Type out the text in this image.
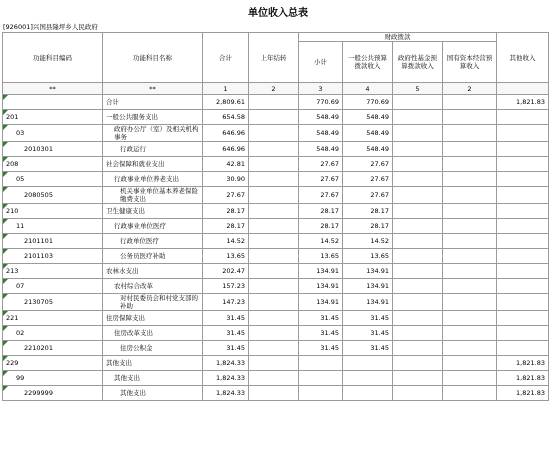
单位收入总表
[926001]兴国县隆坪乡人民政府
功能科目编码	功能科目名称	合计	上年结转	财政拨款				其他收入
				小计	一般公共预算拨款收入	政府性基金预算拨款收入	国有资本经营预算收入	
**	**	1	2	3	4	5	2	
	合计	2,809.61		770.69	770.69			1,821.83
201	一般公共服务支出	654.58		548.49	548.49			
03	政府办公厅（室）及相关机构事务	646.96		548.49	548.49			
2010301	行政运行	646.96		548.49	548.49			
208	社会保障和就业支出	42.81		27.67	27.67			
05	行政事业单位养老支出	30.90		27.67	27.67			
2080505	机关事业单位基本养老保险缴费支出	27.67		27.67	27.67			
210	卫生健康支出	28.17		28.17	28.17			
11	行政事业单位医疗	28.17		28.17	28.17			
2101101	行政单位医疗	14.52		14.52	14.52			
2101103	公务员医疗补助	13.65		13.65	13.65			
213	农林水支出	202.47		134.91	134.91			
07	农村综合改革	157.23		134.91	134.91			
2130705	对村民委员会和村党支部的补助	147.23		134.91	134.91			
221	住房保障支出	31.45		31.45	31.45			
02	住房改革支出	31.45		31.45	31.45			
2210201	住房公积金	31.45		31.45	31.45			
229	其他支出	1,824.33						1,821.83
99	其他支出	1,824.33						1,821.83
2299999	其他支出	1,824.33						1,821.83
